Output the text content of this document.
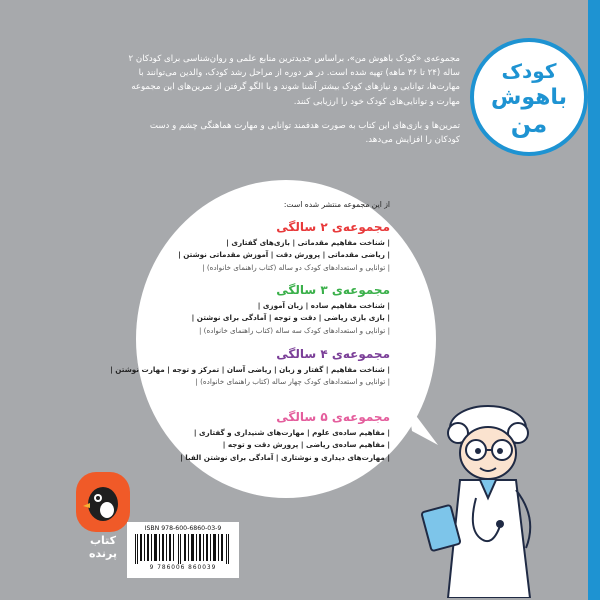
کودک
باهوش
من

مجموعه‌ی «کودک باهوش من»، براساس جدیدترین منابع علمی و روان‌شناسی برای کودکان ۲ ساله (۲۴ تا ۳۶ ماهه) تهیه شده است. در هر دوره از مراحل رشد کودک، والدین می‌توانند با مهارت‌ها، توانایی و نیازهای کودک بیشتر آشنا شوند و با الگو گرفتن از تمرین‌های این مجموعه مهارت و توانایی‌های کودک خود را ارزیابی کنند.

تمرین‌ها و بازی‌های این کتاب به صورت هدفمند توانایی و مهارت هماهنگی چشم و دست کودکان را افزایش می‌دهد.

از این مجموعه منتشر شده است:
مجموعه‌ی ۲ سالگی
| شناخت مفاهیم مقدماتی | بازی‌های گفتاری |
| ریاضی مقدماتی | پرورش دقت | آموزش مقدماتی نوشتن |
| توانایی و استعدادهای کودک دو ساله (کتاب راهنمای خانواده) |
مجموعه‌ی ۳ سالگی
| شناخت مفاهیم ساده | زبان آموزی |
| بازی بازی ریاضی | دقت و توجه | آمادگی برای نوشتن |
| توانایی و استعدادهای کودک سه ساله (کتاب راهنمای خانواده) |
مجموعه‌ی ۴ سالگی
| شناخت مفاهیم | گفتار و زبان | ریاضی آسان | تمرکز و توجه | مهارت نوشتن |
| توانایی و استعدادهای کودک چهار ساله (کتاب راهنمای خانواده) |
مجموعه‌ی ۵ سالگی
| مفاهیم ساده‌ی علوم | مهارت‌های شنیداری و گفتاری |
| مفاهیم ساده‌ی ریاضی | پرورش دقت و توجه |
| مهارت‌های دیداری و نوشتاری | آمادگی برای نوشتن الفبا |
کتاب
پرنده
ISBN 978-600-6860-03-9
9 786006 860039
